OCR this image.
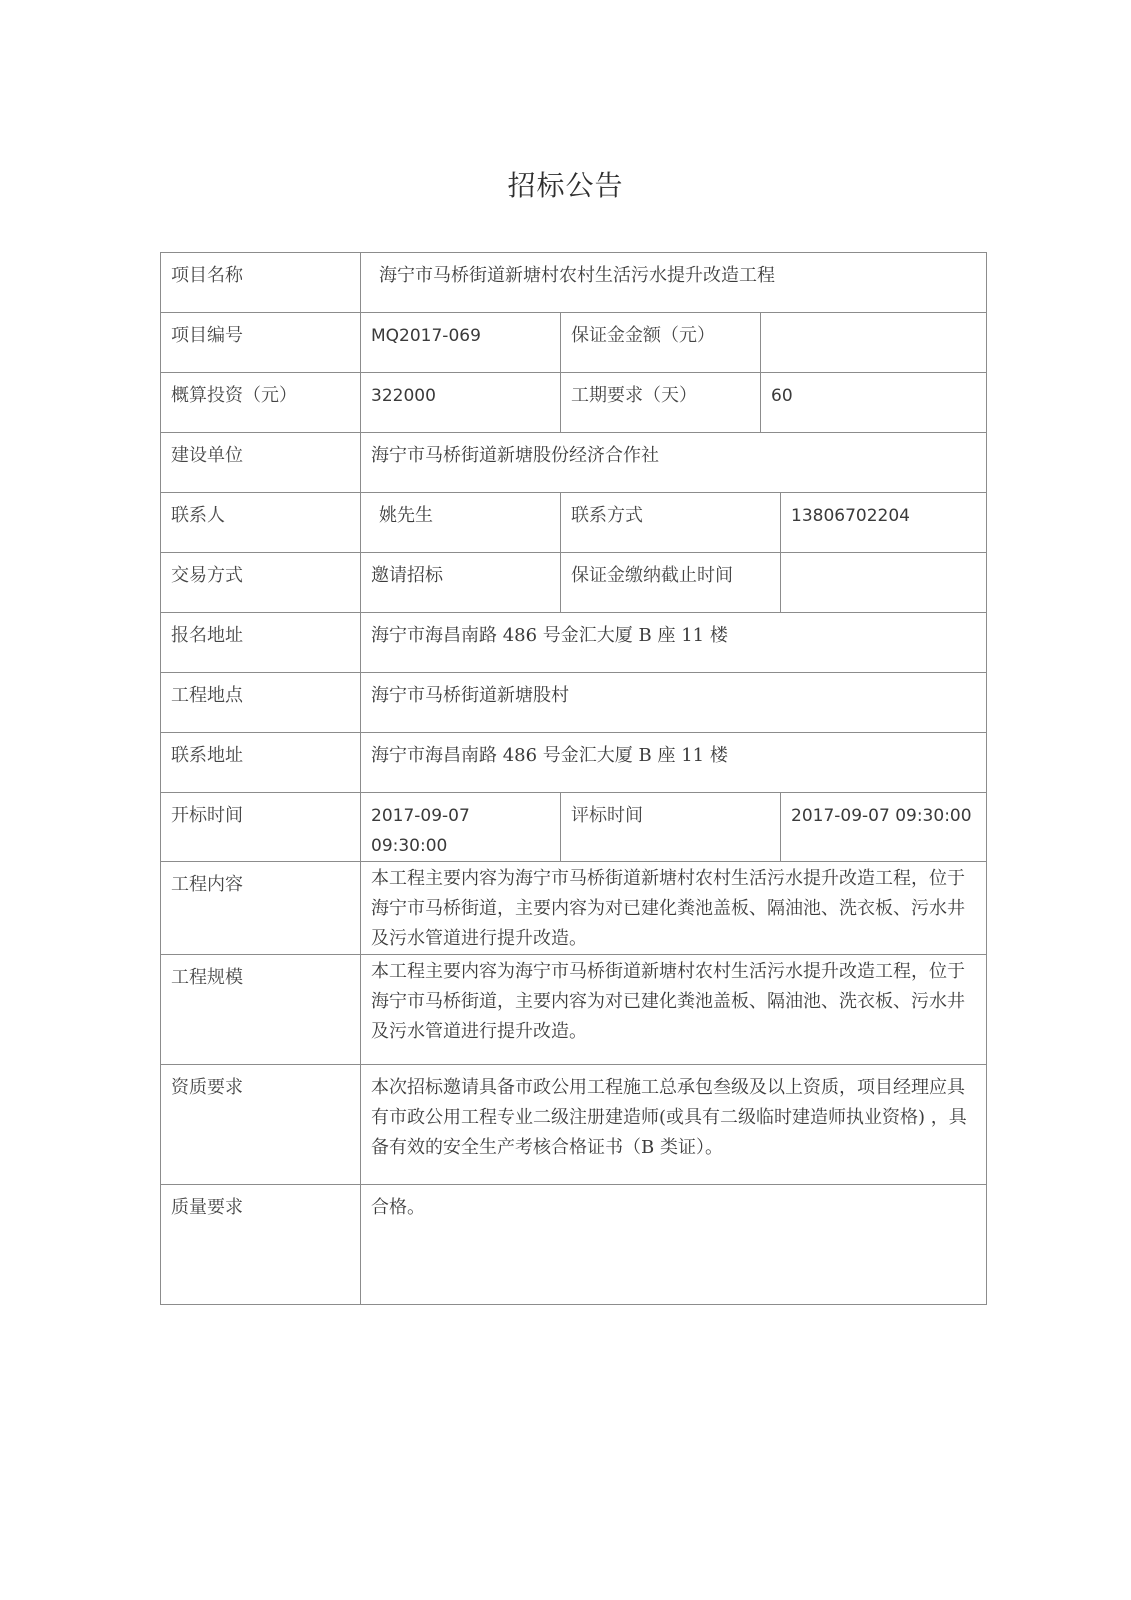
招标公告
项目名称	海宁市马桥街道新塘村农村生活污水提升改造工程			
项目编号	MQ2017-069	保证金金额（元）		
概算投资（元）	322000	工期要求（天）	60	
建设单位	海宁市马桥街道新塘股份经济合作社			
联系人	姚先生	联系方式		13806702204
交易方式	邀请招标	保证金缴纳截止时间		
报名地址	海宁市海昌南路 486 号金汇大厦 B 座 11 楼			
工程地点	海宁市马桥街道新塘股村			
联系地址	海宁市海昌南路 486 号金汇大厦 B 座 11 楼			
开标时间	2017-09-07 09:30:00	评标时间		2017-09-07 09:30:00
工程内容	本工程主要内容为海宁市马桥街道新塘村农村生活污水提升改造工程，位于海宁市马桥街道，主要内容为对已建化粪池盖板、隔油池、洗衣板、污水井及污水管道进行提升改造。			
工程规模	本工程主要内容为海宁市马桥街道新塘村农村生活污水提升改造工程，位于海宁市马桥街道，主要内容为对已建化粪池盖板、隔油池、洗衣板、污水井及污水管道进行提升改造。			
资质要求	本次招标邀请具备市政公用工程施工总承包叁级及以上资质，项目经理应具有市政公用工程专业二级注册建造师(或具有二级临时建造师执业资格) ，具备有效的安全生产考核合格证书（B 类证）。			
质量要求	合格。			
